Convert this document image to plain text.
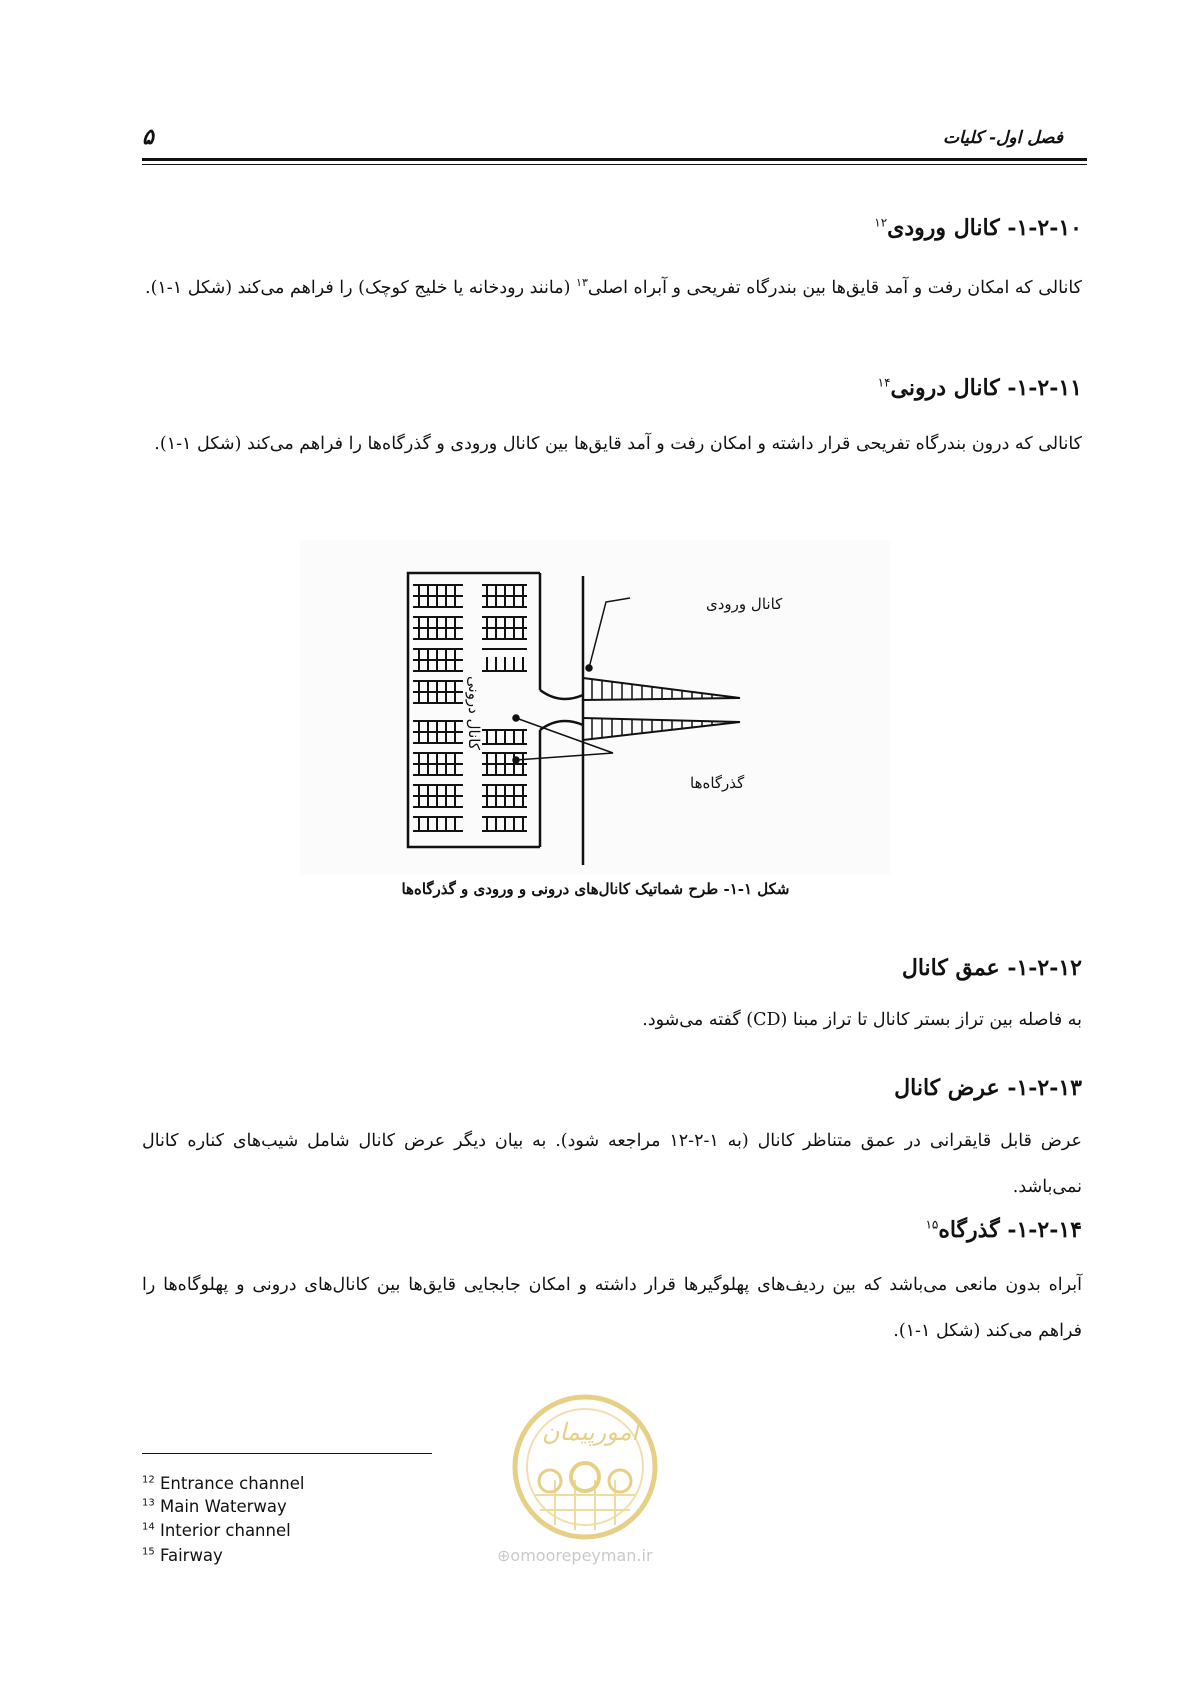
فصل اول- کلیات
۵
۱-۲-۱۰- کانال ورودی$^{۱۲}$
کانالی که امکان رفت و آمد قایق‌ها بین بندرگاه تفریحی و آبراه اصلی$^{۱۳}$ (مانند رودخانه یا خلیج کوچک) را فراهم می‌کند (شکل ۱-۱).
۱-۲-۱۱- کانال درونی$^{۱۴}$
کانالی که درون بندرگاه تفریحی قرار داشته و امکان رفت و آمد قایق‌ها بین کانال ورودی و گذرگاه‌ها را فراهم می‌کند (شکل ۱-۱).
کانال ورودی
گذرگاه‌ها
کانال درونی
شکل ۱-۱- طرح شماتیک کانال‌های درونی و ورودی و گذرگاه‌ها
۱-۲-۱۲- عمق کانال
به فاصله بین تراز بستر کانال تا تراز مبنا (CD) گفته می‌شود.
۱-۲-۱۳- عرض کانال
عرض قابل قایقرانی در عمق متناظر کانال (به ۱-۲-۱۲ مراجعه شود). به بیان دیگر عرض کانال شامل شیب‌های کناره کانال نمی‌باشد.
۱-۲-۱۴- گذرگاه$^{۱۵}$
آبراه بدون مانعی می‌باشد که بین ردیف‌های پهلوگیرها قرار داشته و امکان جابجایی قایق‌ها بین کانال‌های درونی و پهلوگاه‌ها را فراهم می‌کند (شکل ۱-۱).
امورپیمان
⊕omoorepeyman.ir
$^{12}$ Entrance channel
$^{13}$ Main Waterway
$^{14}$ Interior channel
$^{15}$ Fairway
